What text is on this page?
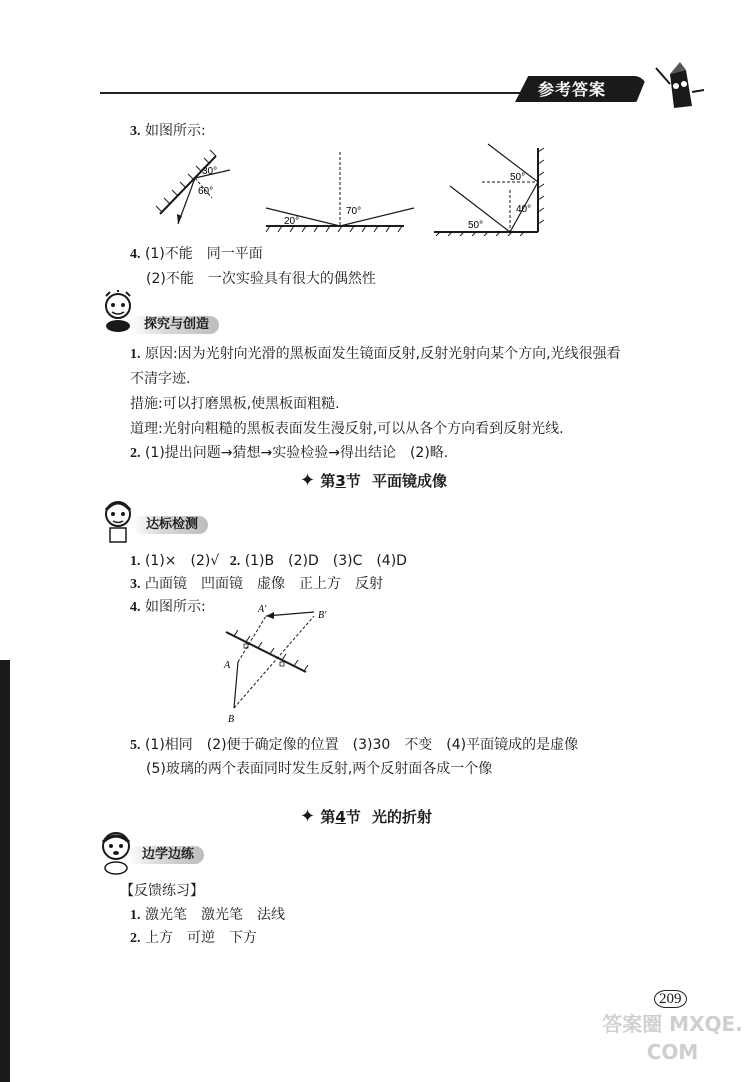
参考答案
3. 如图所示:
30°
60°
20°
70°
50°
40°
50°
4. (1)不能　同一平面
(2)不能　一次实验具有很大的偶然性
探究与创造
1. 原因:因为光射向光滑的黑板面发生镜面反射,反射光射向某个方向,光线很强看
不清字迹.
措施:可以打磨黑板,使黑板面粗糙.
道理:光射向粗糙的黑板表面发生漫反射,可以从各个方向看到反射光线.
2. (1)提出问题→猜想→实验检验→得出结论　(2)略.
✦ 第3节 平面镜成像
达标检测
1. (1)×　(2)√ 2. (1)B　(2)D　(3)C　(4)D
3. 凸面镜　凹面镜　虚像　正上方　反射
4. 如图所示:	A'
B'
A
B
5. (1)相同　(2)便于确定像的位置　(3)30　不变　(4)平面镜成的是虚像
(5)玻璃的两个表面同时发生反射,两个反射面各成一个像
✦ 第4节 光的折射
边学边练
【反馈练习】
1. 激光笔　激光笔　法线
2. 上方　可逆　下方
209
答案圈 MXQE.COM
